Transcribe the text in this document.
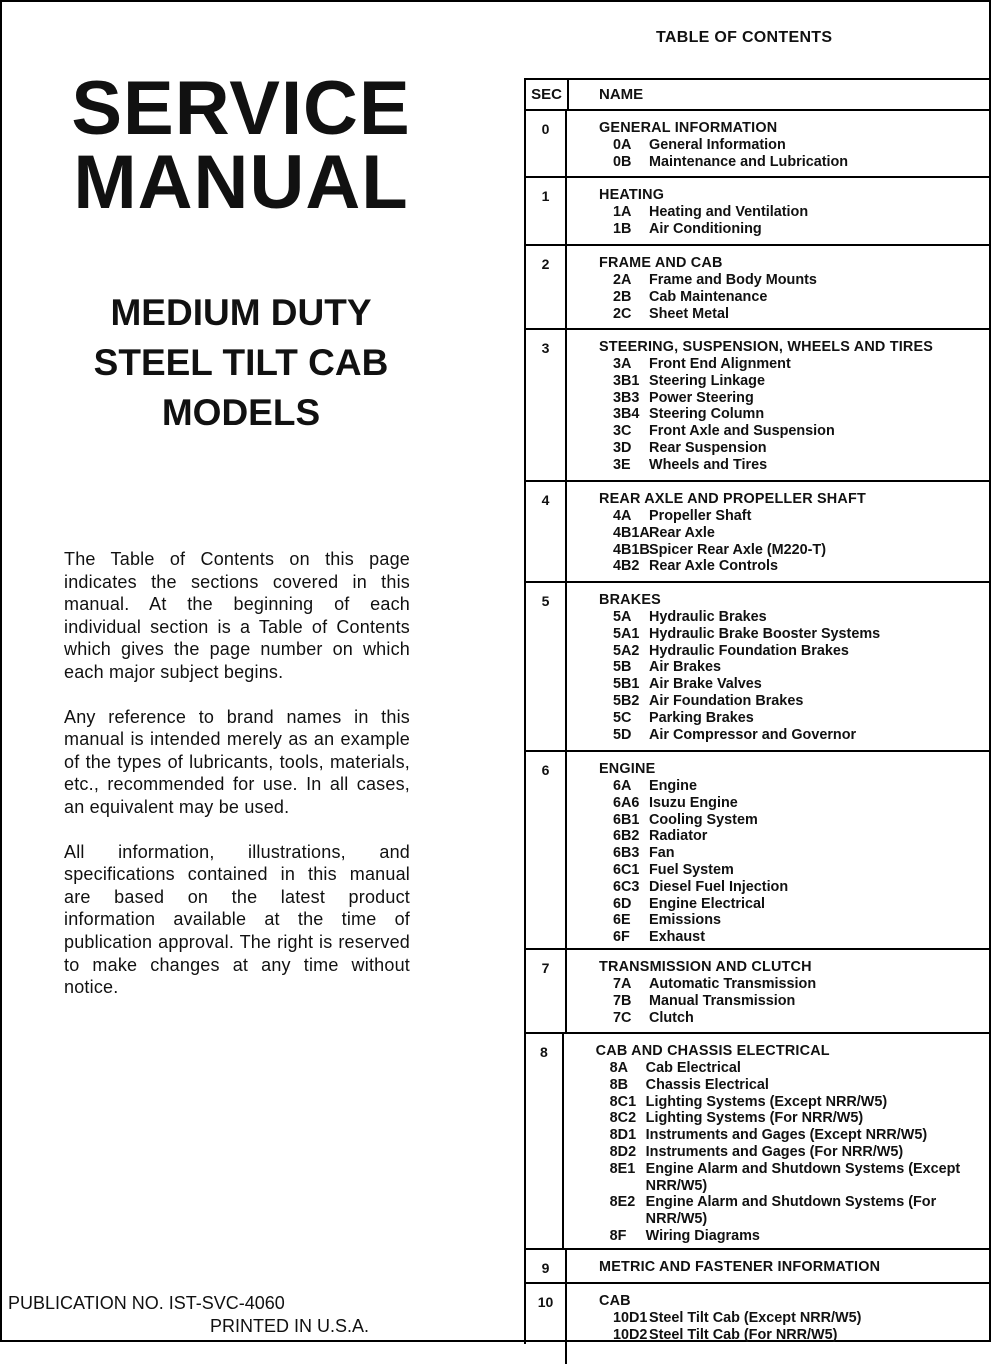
SERVICE
MANUAL
MEDIUM DUTY
STEEL TILT CAB
MODELS

The Table of Contents on this page indicates the sections covered in this manual. At the beginning of each individual section is a Table of Contents which gives the page number on which each major subject begins.

Any reference to brand names in this manual is intended merely as an example of the types of lubricants, tools, materials, etc., recommended for use. In all cases, an equivalent may be used.

All information, illustrations, and specifications contained in this manual are based on the latest product information available at the time of publication approval. The right is reserved to make changes at any time without notice.

PUBLICATION NO. IST-SVC-4060
PRINTED IN U.S.A.
TABLE OF CONTENTS
SEC	NAME
0	GENERAL INFORMATION
0A	General Information
0B	Maintenance and Lubrication
1	HEATING
1A	Heating and Ventilation
1B	Air Conditioning
2	FRAME AND CAB
2A	Frame and Body Mounts
2B	Cab Maintenance
2C	Sheet Metal
3	STEERING, SUSPENSION, WHEELS AND TIRES
3A	Front End Alignment
3B1 Steering Linkage
3B3 Power Steering
3B4 Steering Column
3C	Front Axle and Suspension
3D	Rear Suspension
3E	Wheels and Tires
4	REAR AXLE AND PROPELLER SHAFT
4A	Propeller Shaft
4B1A Rear Axle
4B1B Spicer Rear Axle (M220-T)
4B2 Rear Axle Controls
5	BRAKES
5A	Hydraulic Brakes
5A1 Hydraulic Brake Booster Systems
5A2 Hydraulic Foundation Brakes
5B	Air Brakes
5B1 Air Brake Valves
5B2 Air Foundation Brakes
5C	Parking Brakes
5D	Air Compressor and Governor
6	ENGINE
6A	Engine
6A6 Isuzu Engine
6B1 Cooling System
6B2 Radiator
6B3 Fan
6C1 Fuel System
6C3 Diesel Fuel Injection
6D	Engine Electrical
6E	Emissions
6F	Exhaust
7	TRANSMISSION AND CLUTCH
7A	Automatic Transmission
7B	Manual Transmission
7C	Clutch
8	CAB AND CHASSIS ELECTRICAL
8A	Cab Electrical
8B	Chassis Electrical
8C1 Lighting Systems (Except NRR/W5)
8C2 Lighting Systems (For NRR/W5)
8D1 Instruments and Gages (Except NRR/W5)
8D2 Instruments and Gages (For NRR/W5)
8E1 Engine Alarm and Shutdown Systems (Except NRR/W5)
8E2 Engine Alarm and Shutdown Systems (For NRR/W5)
8F	Wiring Diagrams
9	METRIC AND FASTENER INFORMATION
10	CAB
10D1 Steel Tilt Cab (Except NRR/W5)
10D2 Steel Tilt Cab (For NRR/W5)
